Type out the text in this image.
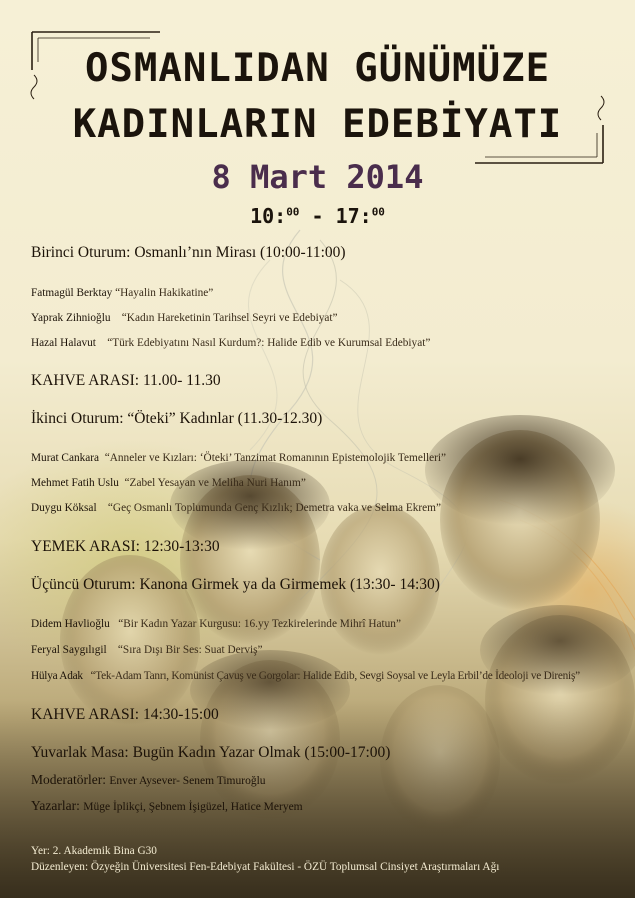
OSMANLIDAN GÜNÜMÜZE
KADINLARIN EDEBİYATI

8 Mart 2014

10:$^{00}$ - 17:$^{00}$

Birinci Oturum: Osmanlı’nın Mirası (10:00-11:00)

Fatmagül Berktay “Hayalin Hakikatine”

Yaprak Zihnioğlu “Kadın Hareketinin Tarihsel Seyri ve Edebiyat”

Hazal Halavut “Türk Edebiyatını Nasıl Kurdum?: Halide Edib ve Kurumsal Edebiyat”

KAHVE ARASI: 11.00- 11.30

İkinci Oturum: “Öteki” Kadınlar (11.30-12.30)

Murat Cankara “Anneler ve Kızları: ‘Öteki’ Tanzimat Romanının Epistemolojik Temelleri”

Mehmet Fatih Uslu “Zabel Yesayan ve Meliha Nuri Hanım”

Duygu Köksal “Geç Osmanlı Toplumunda Genç Kızlık; Demetra vaka ve Selma Ekrem”

YEMEK ARASI: 12:30-13:30

Üçüncü Oturum: Kanona Girmek ya da Girmemek (13:30- 14:30)

Didem Havlioğlu “Bir Kadın Yazar Kurgusu: 16.yy Tezkirelerinde Mihrî Hatun”

Feryal Saygılıgil “Sıra Dışı Bir Ses: Suat Derviş”

Hülya Adak “Tek-Adam Tanrı, Komünist Çavuş ve Gorgolar: Halide Edib, Sevgi Soysal ve Leyla Erbil’de İdeoloji ve Direniş”

KAHVE ARASI: 14:30-15:00

Yuvarlak Masa: Bugün Kadın Yazar Olmak (15:00-17:00)

Moderatörler: Enver Aysever- Senem Timuroğlu

Yazarlar: Müge İplikçi, Şebnem İşigüzel, Hatice Meryem

Yer: 2. Akademik Bina G30

Düzenleyen: Özyeğin Üniversitesi Fen-Edebiyat Fakültesi - ÖZÜ Toplumsal Cinsiyet Araştırmaları Ağı
